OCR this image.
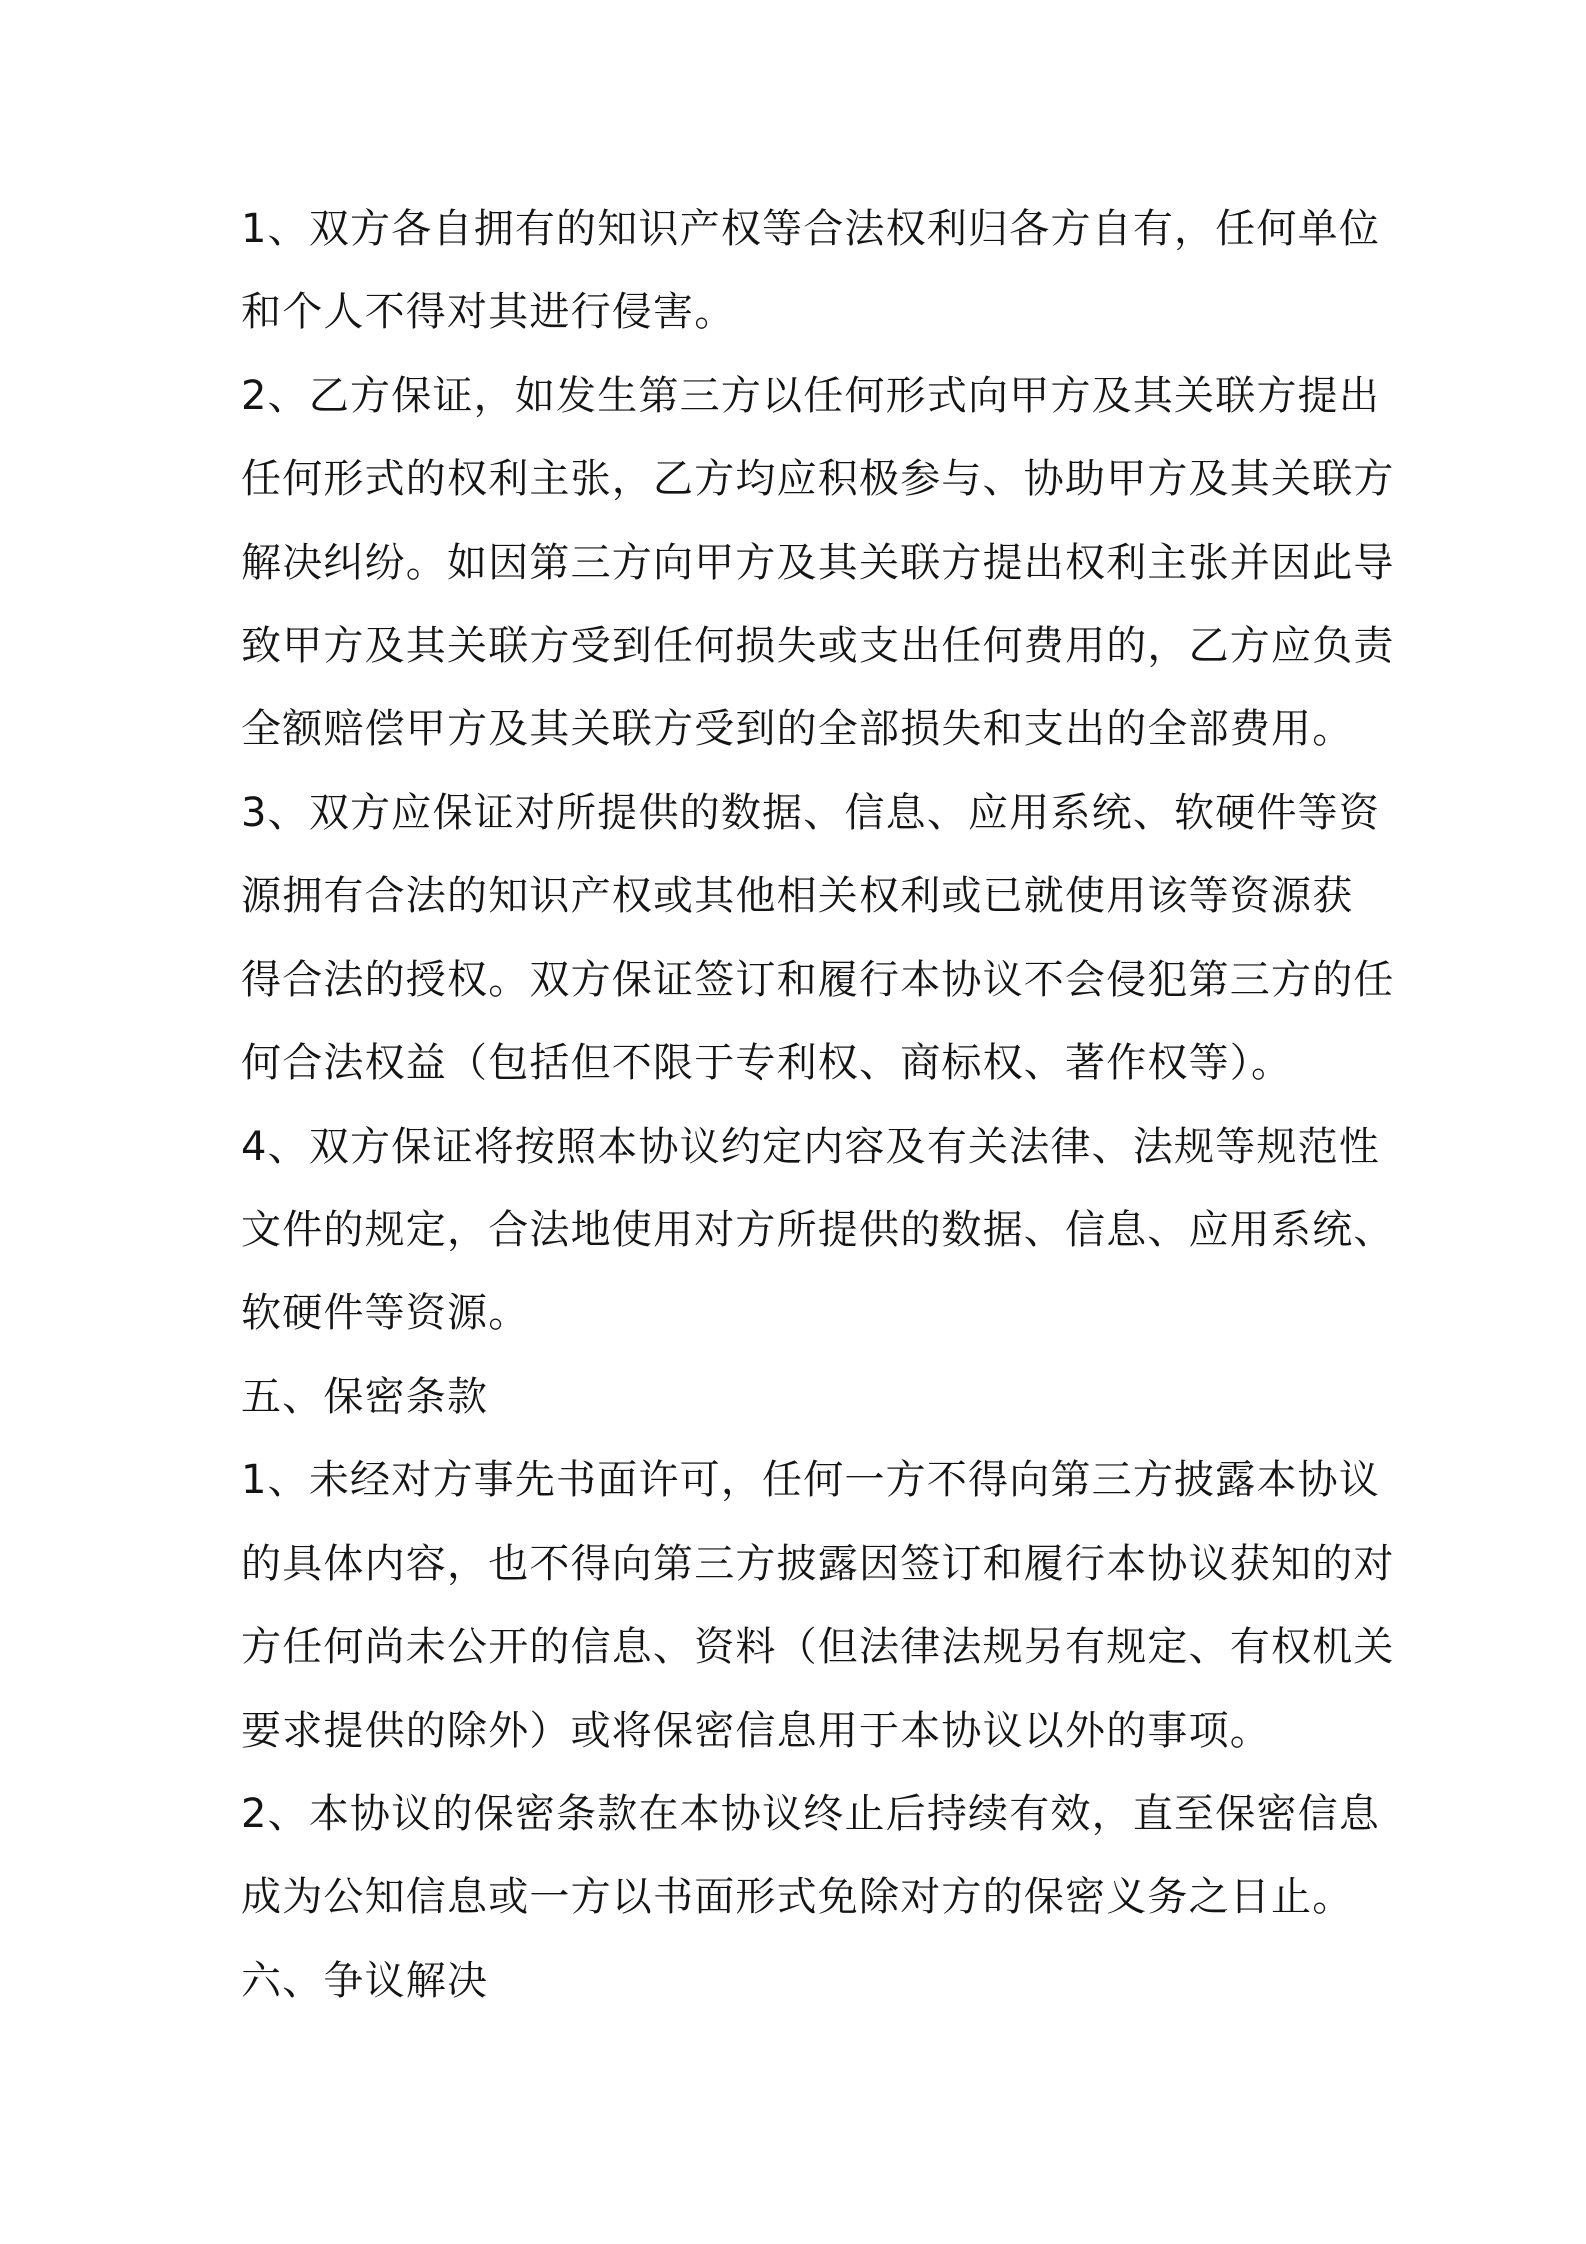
1、双方各自拥有的知识产权等合法权利归各方自有，任何单位

和个人不得对其进行侵害。

2、乙方保证，如发生第三方以任何形式向甲方及其关联方提出

任何形式的权利主张，乙方均应积极参与、协助甲方及其关联方

解决纠纷。如因第三方向甲方及其关联方提出权利主张并因此导

致甲方及其关联方受到任何损失或支出任何费用的，乙方应负责

全额赔偿甲方及其关联方受到的全部损失和支出的全部费用。

3、双方应保证对所提供的数据、信息、应用系统、软硬件等资

源拥有合法的知识产权或其他相关权利或已就使用该等资源获

得合法的授权。双方保证签订和履行本协议不会侵犯第三方的任

何合法权益（包括但不限于专利权、商标权、著作权等）。

4、双方保证将按照本协议约定内容及有关法律、法规等规范性

文件的规定，合法地使用对方所提供的数据、信息、应用系统、

软硬件等资源。

五、保密条款

1、未经对方事先书面许可，任何一方不得向第三方披露本协议

的具体内容，也不得向第三方披露因签订和履行本协议获知的对

方任何尚未公开的信息、资料（但法律法规另有规定、有权机关

要求提供的除外）或将保密信息用于本协议以外的事项。

2、本协议的保密条款在本协议终止后持续有效，直至保密信息

成为公知信息或一方以书面形式免除对方的保密义务之日止。

六、争议解决
